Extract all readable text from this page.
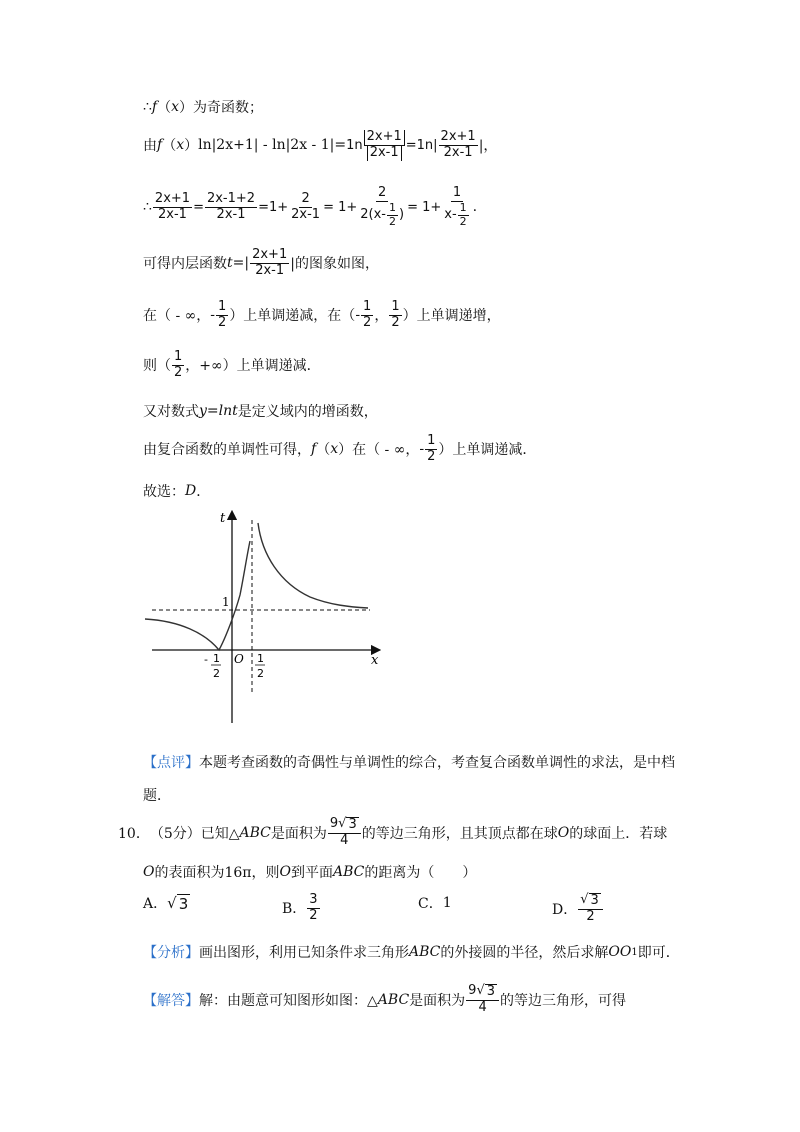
∴ f （ x ） 为奇函数；
由 f （ x ） $\ln|2x+1| - \ln|2x - 1|= 1n \frac{2x+1}{2x-1} =1n$ | $\frac{2x+1}{2x-1}$ |，
∴ $\frac{2x+1}{2x-1} = \frac{2x-1+2}{2x-1} =1+ \frac{2}{2x-1} = 1+ \frac{2}{2(x- \frac{1}{2} )} = 1+ \frac{1}{x- \frac{1}{2}}$ .
可得内层函数 t =| $\frac{2x+1}{2x-1}$ |的图象如图，
在（ - ∞， - $\frac{1}{2}$ ）上单调递减，在（ - $\frac{1}{2}$ ， $\frac{1}{2}$ ）上单调递增，
则（ $\frac{1}{2}$ ，+∞）上单调递减．
又对数式 y = lnt 是定义域内的增函数，
由复合函数的单调性可得， f （ x ） 在（ - ∞， - $\frac{1}{2}$ ）上单调递减．
故选： D ．
t
x
1
O
- 1
2
1
2
【点评】 本题考查函数的奇偶性与单调性的综合，考查复合函数单调性的求法，是中档
题．
10． （5分）已知△ ABC 是面积为 $\frac{9 √ 3}{4}$ 的等边三角形，且其顶点都在球 O 的球面上．若球
O 的表面积为16π，则 O 到平面 ABC 的距离为（　　）
A． √ 3	B． $\frac{3}{2}$	C． 1	D． $\frac{√ 3}{2}$
【分析】 画出图形，利用已知条件求三角形 ABC 的外接圆的半径，然后求解 OO 1 即可．
【解答】 解：由题意可知图形如图：△ ABC 是面积为 $\frac{9 √ 3}{4}$ 的等边三角形，可得
